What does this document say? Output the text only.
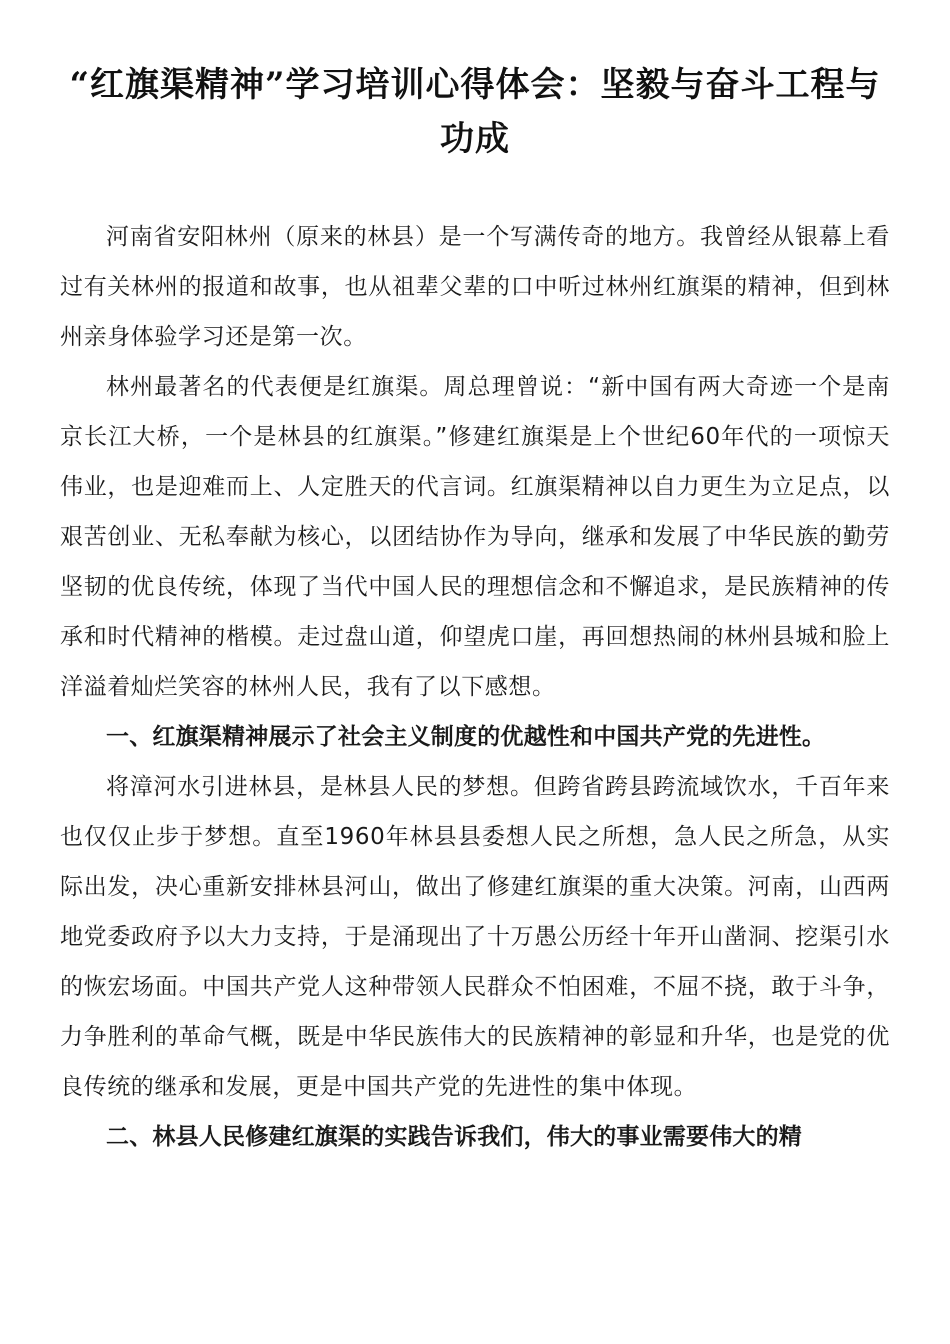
“红旗渠精神”学习培训心得体会：坚毅与奋斗工程与功成

河南省安阳林州（原来的林县）是一个写满传奇的地方。我曾经从银幕上看过有关林州的报道和故事，也从祖辈父辈的口中听过林州红旗渠的精神，但到林州亲身体验学习还是第一次。

林州最著名的代表便是红旗渠。周总理曾说：“新中国有两大奇迹一个是南京长江大桥，一个是林县的红旗渠。”修建红旗渠是上个世纪60年代的一项惊天伟业，也是迎难而上、人定胜天的代言词。红旗渠精神以自力更生为立足点，以艰苦创业、无私奉献为核心，以团结协作为导向，继承和发展了中华民族的勤劳坚韧的优良传统，体现了当代中国人民的理想信念和不懈追求，是民族精神的传承和时代精神的楷模。走过盘山道，仰望虎口崖，再回想热闹的林州县城和脸上洋溢着灿烂笑容的林州人民，我有了以下感想。

一、红旗渠精神展示了社会主义制度的优越性和中国共产党的先进性。

将漳河水引进林县，是林县人民的梦想。但跨省跨县跨流域饮水，千百年来也仅仅止步于梦想。直至1960年林县县委想人民之所想，急人民之所急，从实际出发，决心重新安排林县河山，做出了修建红旗渠的重大决策。河南，山西两地党委政府予以大力支持，于是涌现出了十万愚公历经十年开山凿洞、挖渠引水的恢宏场面。中国共产党人这种带领人民群众不怕困难，不屈不挠，敢于斗争，力争胜利的革命气概，既是中华民族伟大的民族精神的彰显和升华，也是党的优良传统的继承和发展，更是中国共产党的先进性的集中体现。

二、林县人民修建红旗渠的实践告诉我们，伟大的事业需要伟大的精
